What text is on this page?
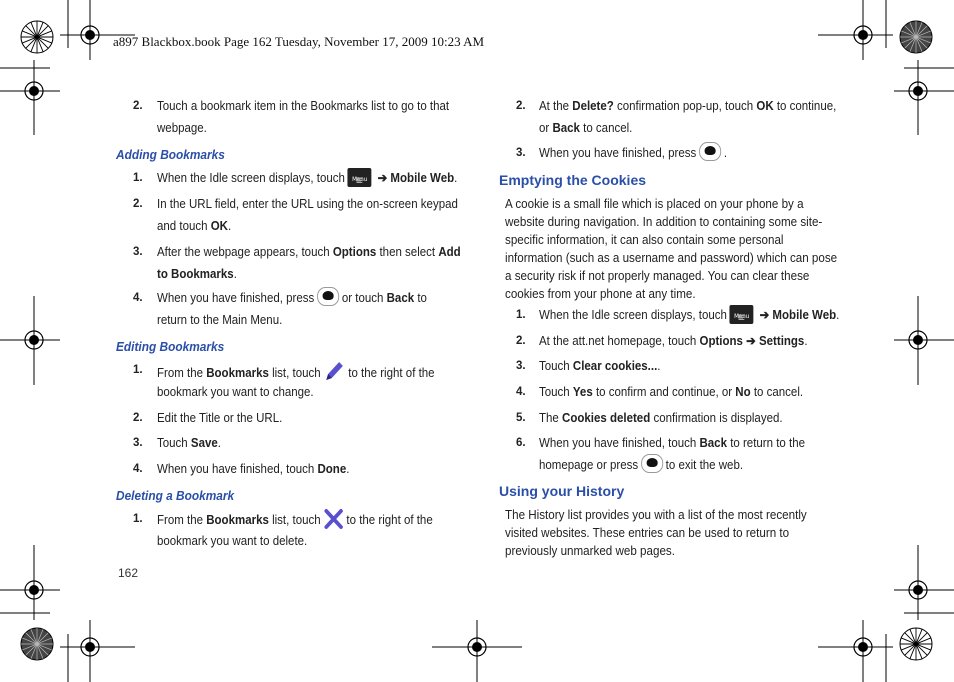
a897 Blackbox.book Page 162 Tuesday, November 17, 2009 10:23 AM
2. Touch a bookmark item in the Bookmarks list to go to that
webpage.
Adding Bookmarks
1. When the Idle screen displays, touch Menu	➔ Mobile Web.
2. In the URL field, enter the URL using the on-screen keypad
and touch OK.
3. After the webpage appears, touch Options then select Add
to Bookmarks.
4. When you have finished, press or touch Back to
return to the Main Menu.
Editing Bookmarks
1. From the Bookmarks list, touch to the right of the
bookmark you want to change.
2. Edit the Title or the URL.
3. Touch Save.
4. When you have finished, touch Done.
Deleting a Bookmark
1. From the Bookmarks list, touch to the right of the
bookmark you want to delete.
162
2. At the Delete? confirmation pop-up, touch OK to continue,
or Back to cancel.
3. When you have finished, press .
Emptying the Cookies
A cookie is a small file which is placed on your phone by a
website during navigation. In addition to containing some site-
specific information, it can also contain some personal
information (such as a username and password) which can pose
a security risk if not properly managed. You can clear these
cookies from your phone at any time.
1. When the Idle screen displays, touch Menu	➔ Mobile Web.
2. At the att.net homepage, touch Options ➔ Settings.
3. Touch Clear cookies....
4. Touch Yes to confirm and continue, or No to cancel.
5. The Cookies deleted confirmation is displayed.
6. When you have finished, touch Back to return to the
homepage or press to exit the web.
Using your History
The History list provides you with a list of the most recently
visited websites. These entries can be used to return to
previously unmarked web pages.
